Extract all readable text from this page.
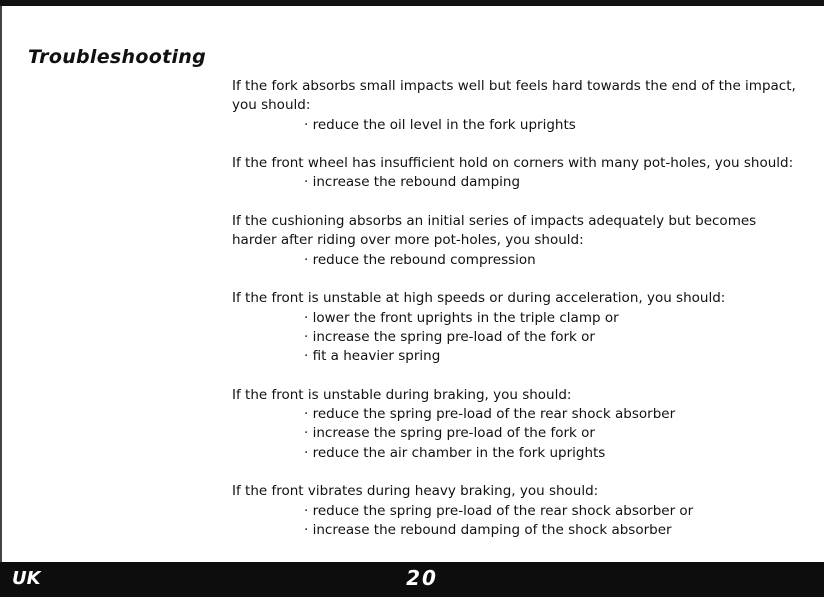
Troubleshooting

If the fork absorbs small impacts well but feels hard towards the end of the impact, you should:

· reduce the oil level in the fork uprights

If the front wheel has insufficient hold on corners with many pot-holes, you should:

· increase the rebound damping

If the cushioning absorbs an initial series of impacts adequately but becomes harder after riding over more pot-holes, you should:

· reduce the rebound compression

If the front is unstable at high speeds or during acceleration, you should:

· lower the front uprights in the triple clamp or
· increase the spring pre-load of the fork or
· fit a heavier spring

If the front is unstable during braking, you should:

· reduce the spring pre-load of the rear shock absorber
· increase the spring pre-load of the fork or
· reduce the air chamber in the fork uprights

If the front vibrates during heavy braking, you should:

· reduce the spring pre-load of the rear shock absorber or
· increase the rebound damping of the shock absorber
UK	20
